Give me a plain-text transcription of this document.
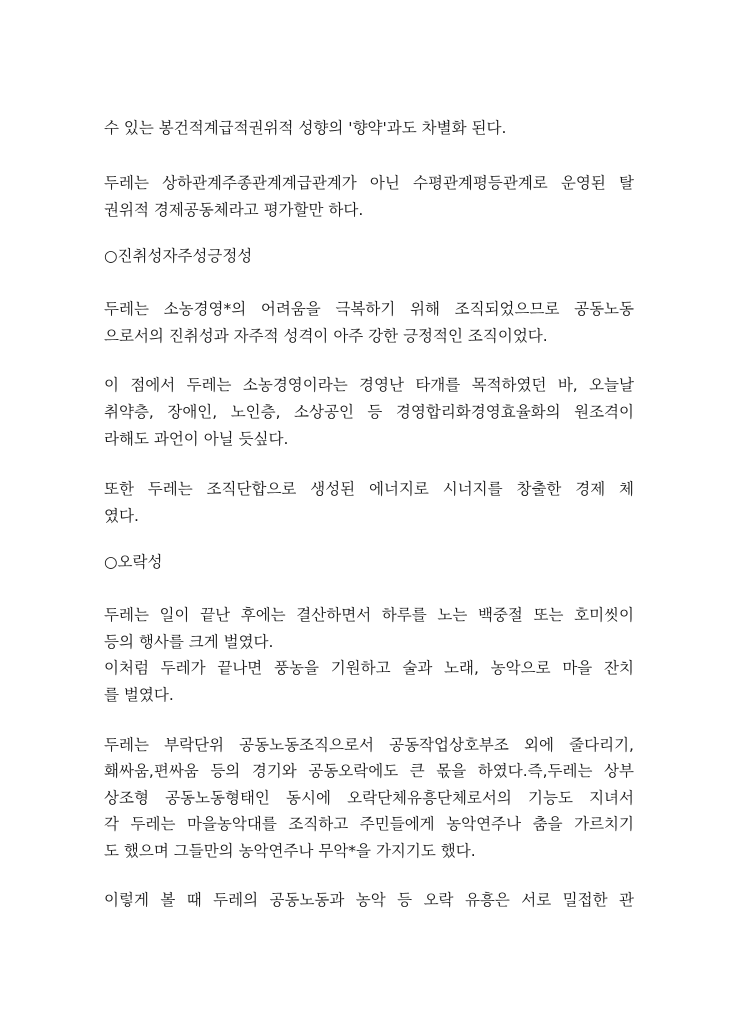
수 있는 봉건적계급적권위적 성향의 '향약'과도 차별화 된다.
두레는 상하관계주종관계계급관계가 아닌 수평관계평등관계로 운영된 탈
권위적 경제공동체라고 평가할만 하다.
○진취성자주성긍정성
두레는 소농경영*의 어려움을 극복하기 위해 조직되었으므로 공동노동
으로서의 진취성과 자주적 성격이 아주 강한 긍정적인 조직이었다.
이 점에서 두레는 소농경영이라는 경영난 타개를 목적하였던 바, 오늘날
취약층, 장애인, 노인층, 소상공인 등 경영합리화경영효율화의 원조격이
라해도 과언이 아닐 듯싶다.
또한 두레는 조직단합으로 생성된 에너지로 시너지를 창출한 경제 체
였다.
○오락성
두레는 일이 끝난 후에는 결산하면서 하루를 노는 백중절 또는 호미씻이
등의 행사를 크게 벌였다.
이처럼 두레가 끝나면 풍농을 기원하고 술과 노래, 농악으로 마을 잔치
를 벌였다.
두레는 부락단위 공동노동조직으로서 공동작업상호부조 외에 줄다리기,
홰싸움,편싸움 등의 경기와 공동오락에도 큰 몫을 하였다.즉,두레는 상부
상조형 공동노동형태인 동시에 오락단체유흥단체로서의 기능도 지녀서
각 두레는 마을농악대를 조직하고 주민들에게 농악연주나 춤을 가르치기
도 했으며 그들만의 농악연주나 무악*을 가지기도 했다.
이렇게 볼 때 두레의 공동노동과 농악 등 오락 유흥은 서로 밀접한 관
